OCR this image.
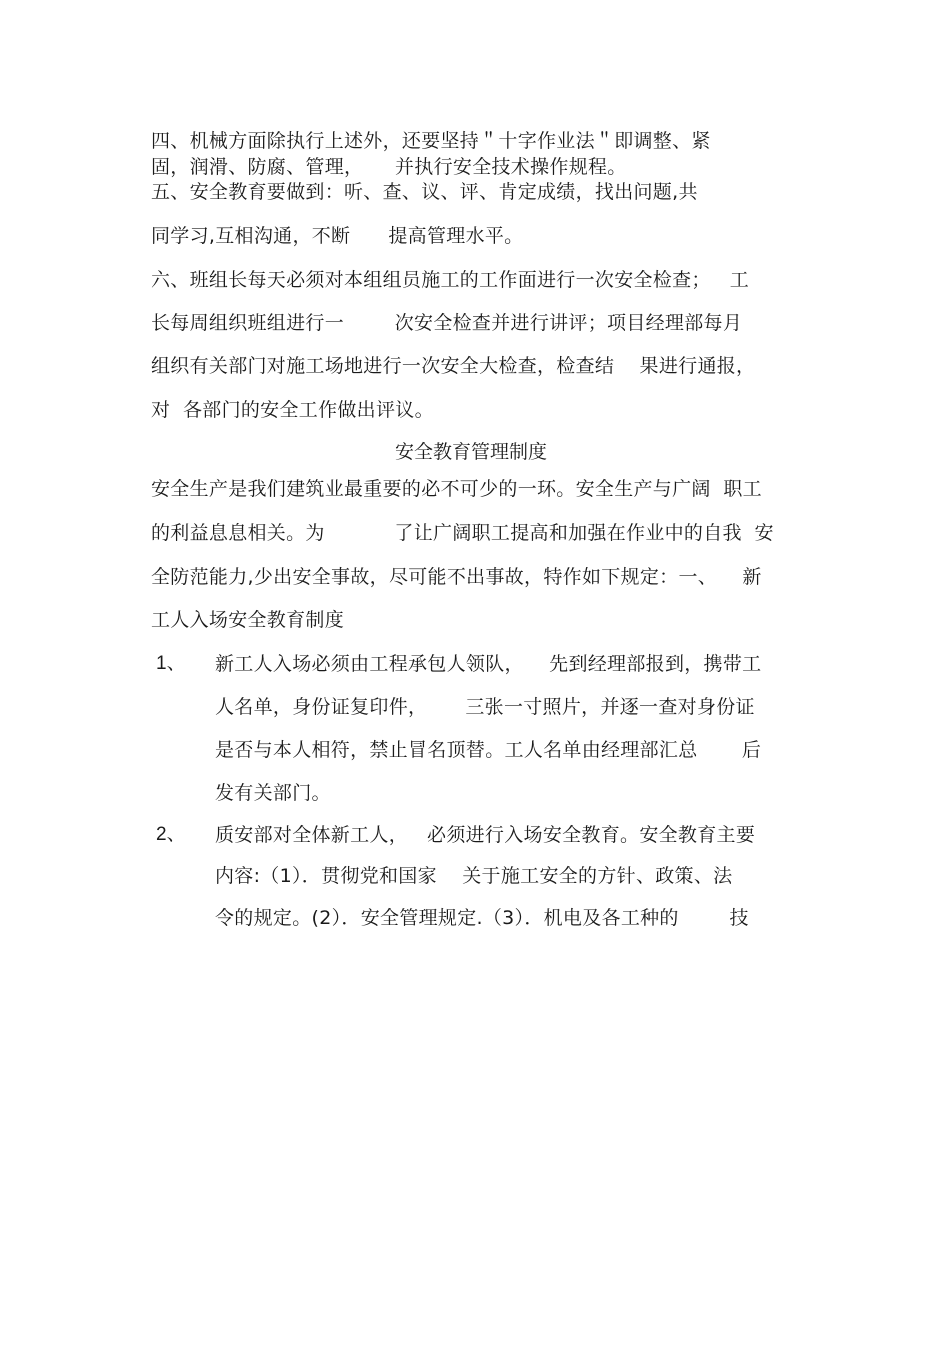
四、机械方面除执行上述外，还要坚持＂十字作业法＂即调整、紧
固，润滑、防腐、管理，     并执行安全技术操作规程。
五、安全教育要做到：听、查、议、评、肯定成绩，找出问题,共
同学习,互相沟通，不断      提高管理水平。
六、班组长每天必须对本组组员施工的工作面进行一次安全检查；   工
长每周组织班组进行一        次安全检查并进行讲评；项目经理部每月
组织有关部门对施工场地进行一次安全大检查，检查结    果进行通报，
对  各部门的安全工作做出评议。
安全教育管理制度
安全生产是我们建筑业最重要的必不可少的一环。安全生产与广阔  职工
的利益息息相关。为           了让广阔职工提高和加强在作业中的自我  安
全防范能力,少出安全事故，尽可能不出事故，特作如下规定：一、    新
工人入场安全教育制度
1、 新工人入场必须由工程承包人领队，    先到经理部报到，携带工
人名单，身份证复印件，      三张一寸照片，并逐一查对身份证
是否与本人相符，禁止冒名顶替。工人名单由经理部汇总       后
发有关部门。
2、 质安部对全体新工人，   必须进行入场安全教育。安全教育主要
内容:（1）．贯彻党和国家    关于施工安全的方针、政策、法
令的规定。(2）．安全管理规定.（3）．机电及各工种的        技
